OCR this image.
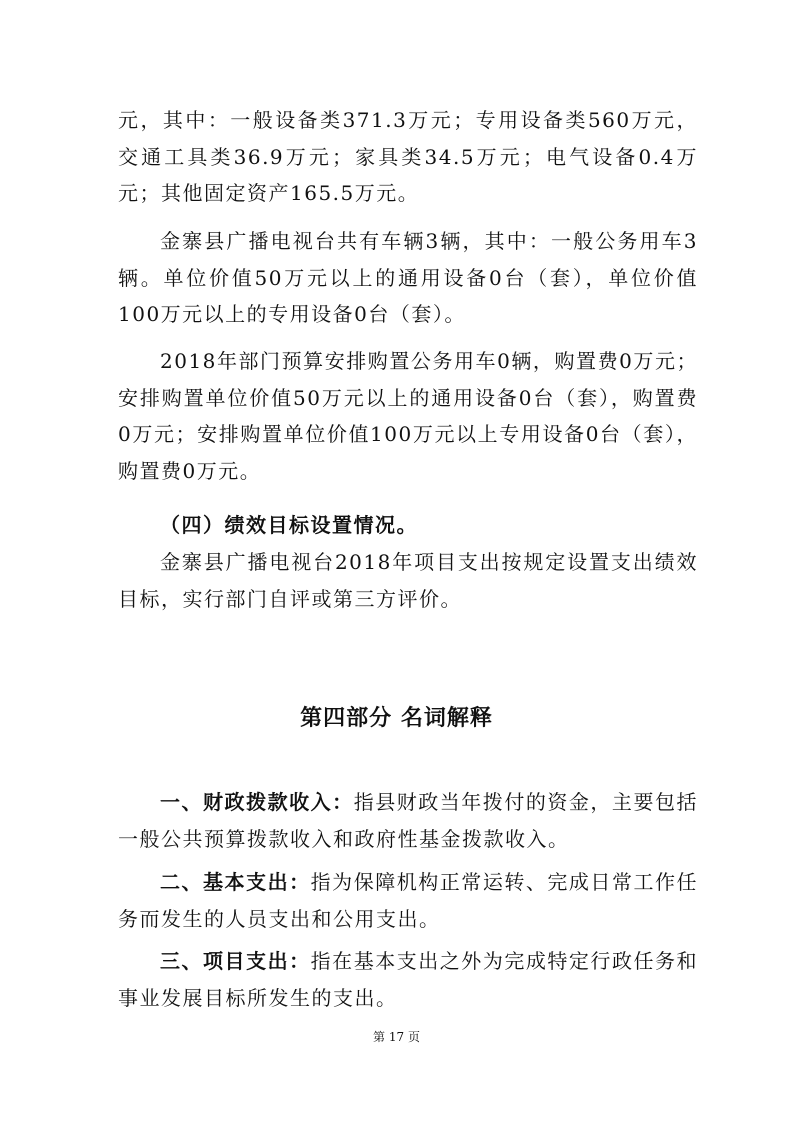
元，其中：一般设备类371.3万元；专用设备类560万元，交通工具类36.9万元；家具类34.5万元；电气设备0.4万元；其他固定资产165.5万元。

金寨县广播电视台共有车辆3辆，其中：一般公务用车3辆。单位价值50万元以上的通用设备0台（套），单位价值100万元以上的专用设备0台（套）。

2018年部门预算安排购置公务用车0辆，购置费0万元；安排购置单位价值50万元以上的通用设备0台（套），购置费0万元；安排购置单位价值100万元以上专用设备0台（套），购置费0万元。

（四）绩效目标设置情况。

金寨县广播电视台2018年项目支出按规定设置支出绩效目标，实行部门自评或第三方评价。

第四部分 名词解释

一、财政拨款收入：指县财政当年拨付的资金，主要包括一般公共预算拨款收入和政府性基金拨款收入。

二、基本支出：指为保障机构正常运转、完成日常工作任务而发生的人员支出和公用支出。

三、项目支出：指在基本支出之外为完成特定行政任务和事业发展目标所发生的支出。

第 17 页
